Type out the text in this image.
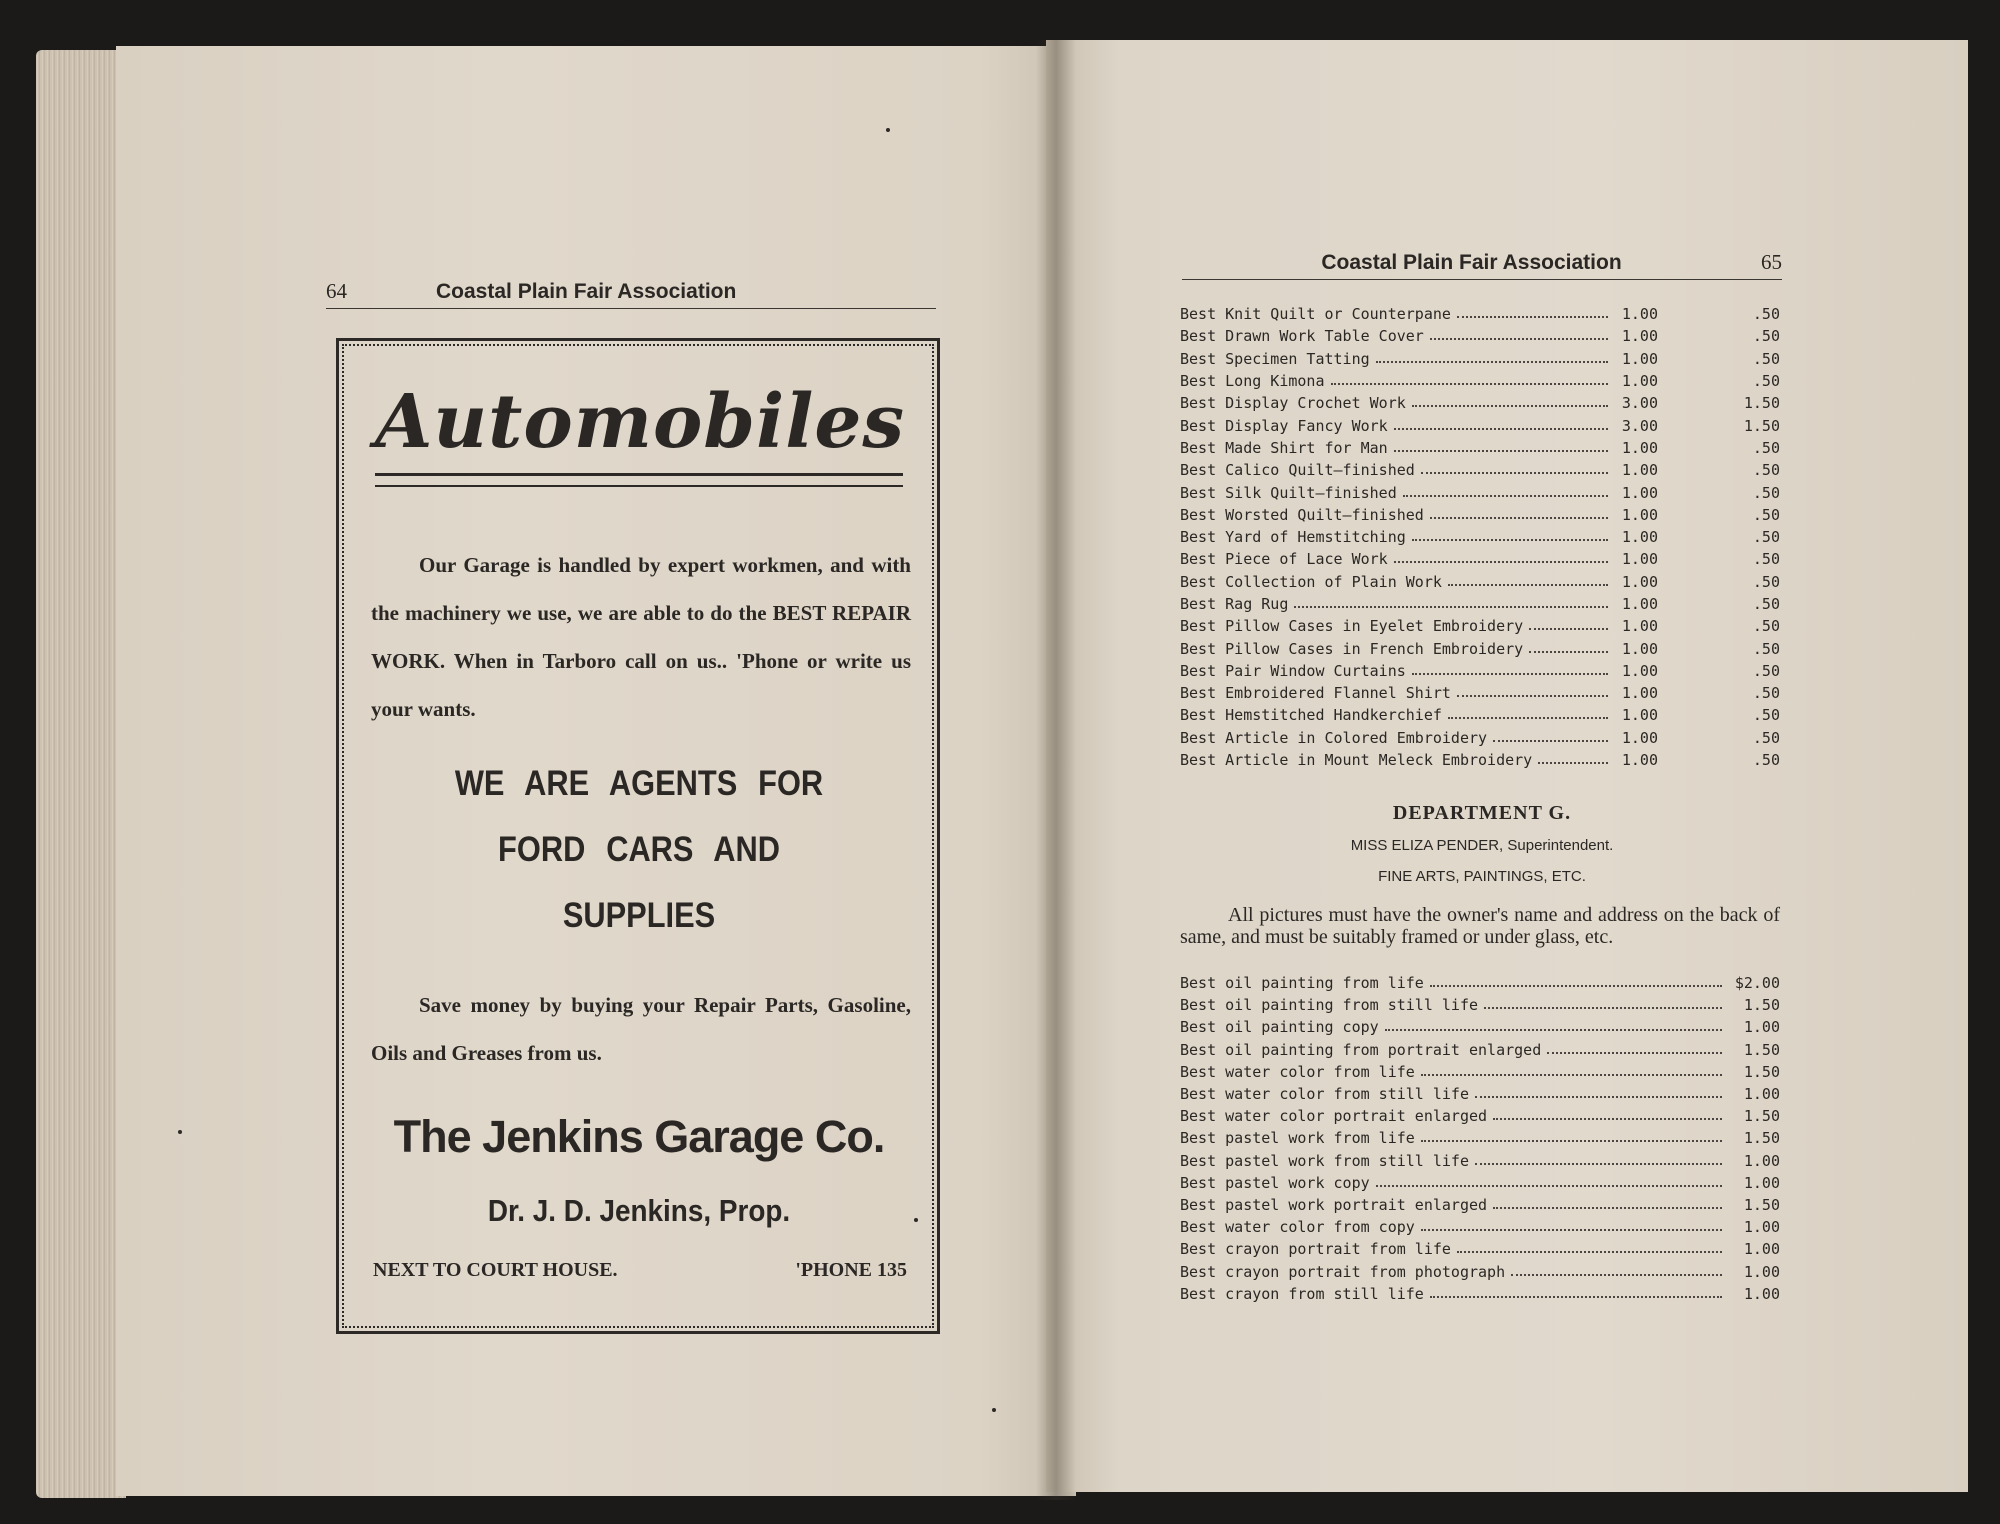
64	Coastal Plain Fair Association
Automobiles
Our Garage is handled by expert workmen, and with the machinery we use, we are able to do the BEST REPAIR WORK. When in Tarboro call on us.. 'Phone or write us your wants.
WE ARE AGENTS FOR
FORD CARS AND
SUPPLIES
Save money by buying your Repair Parts, Gasoline, Oils and Greases from us.
The Jenkins Garage Co.
Dr. J. D. Jenkins, Prop.
NEXT TO COURT HOUSE.	'PHONE 135
Coastal Plain Fair Association	65
Best Knit Quilt or Counterpane	1.00	.50
Best Drawn Work Table Cover	1.00	.50
Best Specimen Tatting	1.00	.50
Best Long Kimona	1.00	.50
Best Display Crochet Work	3.00	1.50
Best Display Fancy Work	3.00	1.50
Best Made Shirt for Man	1.00	.50
Best Calico Quilt—finished	1.00	.50
Best Silk Quilt—finished	1.00	.50
Best Worsted Quilt—finished	1.00	.50
Best Yard of Hemstitching	1.00	.50
Best Piece of Lace Work	1.00	.50
Best Collection of Plain Work	1.00	.50
Best Rag Rug	1.00	.50
Best Pillow Cases in Eyelet Embroidery	1.00	.50
Best Pillow Cases in French Embroidery	1.00	.50
Best Pair Window Curtains	1.00	.50
Best Embroidered Flannel Shirt	1.00	.50
Best Hemstitched Handkerchief	1.00	.50
Best Article in Colored Embroidery	1.00	.50
Best Article in Mount Meleck Embroidery	1.00	.50
DEPARTMENT G.
MISS ELIZA PENDER, Superintendent.
FINE ARTS, PAINTINGS, ETC.
All pictures must have the owner's name and address on the back of same, and must be suitably framed or under glass, etc.
Best oil painting from life	$2.00
Best oil painting from still life	1.50
Best oil painting copy	1.00
Best oil painting from portrait enlarged	1.50
Best water color from life	1.50
Best water color from still life	1.00
Best water color portrait enlarged	1.50
Best pastel work from life	1.50
Best pastel work from still life	1.00
Best pastel work copy	1.00
Best pastel work portrait enlarged	1.50
Best water color from copy	1.00
Best crayon portrait from life	1.00
Best crayon portrait from photograph	1.00
Best crayon from still life	1.00
